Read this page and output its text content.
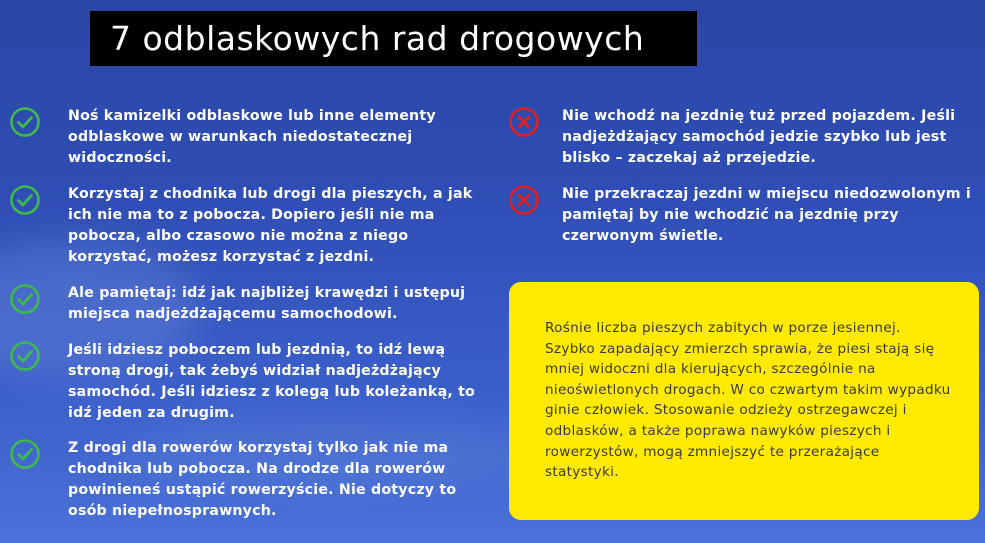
7 odblaskowych rad drogowych
Noś kamizelki odblaskowe lub inne elementy odblaskowe w warunkach niedostatecznej widoczności.
Korzystaj z chodnika lub drogi dla pieszych, a jak ich nie ma to z pobocza. Dopiero jeśli nie ma pobocza, albo czasowo nie można z niego korzystać, możesz korzystać z jezdni.
Ale pamiętaj: idź jak najbliżej krawędzi i ustępuj miejsca nadjeżdżającemu samochodowi.
Jeśli idziesz poboczem lub jezdnią, to idź lewą stroną drogi, tak żebyś widział nadjeżdżający samochód. Jeśli idziesz z kolegą lub koleżanką, to idź jeden za drugim.
Z drogi dla rowerów korzystaj tylko jak nie ma chodnika lub pobocza. Na drodze dla rowerów powinieneś ustąpić rowerzyście. Nie dotyczy to osób niepełnosprawnych.
Nie wchodź na jezdnię tuż przed pojazdem. Jeśli nadjeżdżający samochód jedzie szybko lub jest blisko – zaczekaj aż przejedzie.
Nie przekraczaj jezdni w miejscu niedozwolonym i pamiętaj by nie wchodzić na jezdnię przy czerwonym świetle.

Rośnie liczba pieszych zabitych w porze jesiennej. Szybko zapadający zmierzch sprawia, że piesi stają się mniej widoczni dla kierujących, szczególnie na nieoświetlonych drogach. W co czwartym takim wypadku ginie człowiek. Stosowanie odzieży ostrzegawczej i odblasków, a także poprawa nawyków pieszych i rowerzystów, mogą zmniejszyć te przerażające statystyki.
